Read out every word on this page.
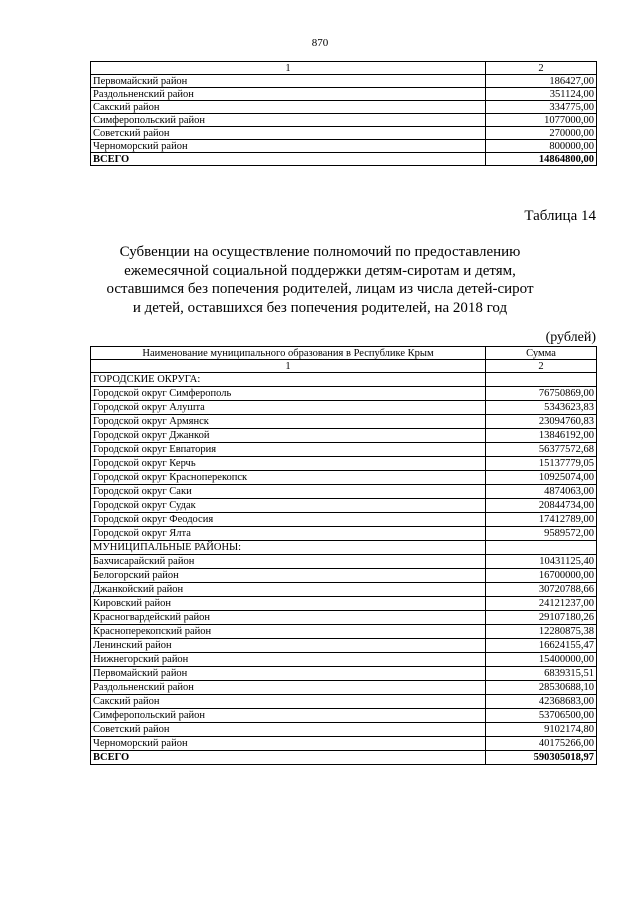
870
1	2
Первомайский район	186427,00
Раздольненский район	351124,00
Сакский район	334775,00
Симферопольский район	1077000,00
Советский район	270000,00
Черноморский район	800000,00
ВСЕГО	14864800,00
Таблица 14
Субвенции на осуществление полномочий по предоставлению
ежемесячной социальной поддержки детям-сиротам и детям,
оставшимся без попечения родителей, лицам из числа детей-сирот
и детей, оставшихся без попечения родителей, на 2018 год
(рублей)
Наименование муниципального образования в Республике Крым	Сумма
1	2
ГОРОДСКИЕ ОКРУГА:	
Городской округ Симферополь	76750869,00
Городской округ Алушта	5343623,83
Городской округ Армянск	23094760,83
Городской округ Джанкой	13846192,00
Городской округ Евпатория	56377572,68
Городской округ Керчь	15137779,05
Городской округ Красноперекопск	10925074,00
Городской округ Саки	4874063,00
Городской округ Судак	20844734,00
Городской округ Феодосия	17412789,00
Городской округ Ялта	9589572,00
МУНИЦИПАЛЬНЫЕ РАЙОНЫ:	
Бахчисарайский район	10431125,40
Белогорский район	16700000,00
Джанкойский район	30720788,66
Кировский район	24121237,00
Красногвардейский район	29107180,26
Красноперекопский район	12280875,38
Ленинский район	16624155,47
Нижнегорский район	15400000,00
Первомайский район	6839315,51
Раздольненский район	28530688,10
Сакский район	42368683,00
Симферопольский район	53706500,00
Советский район	9102174,80
Черноморский район	40175266,00
ВСЕГО	590305018,97
